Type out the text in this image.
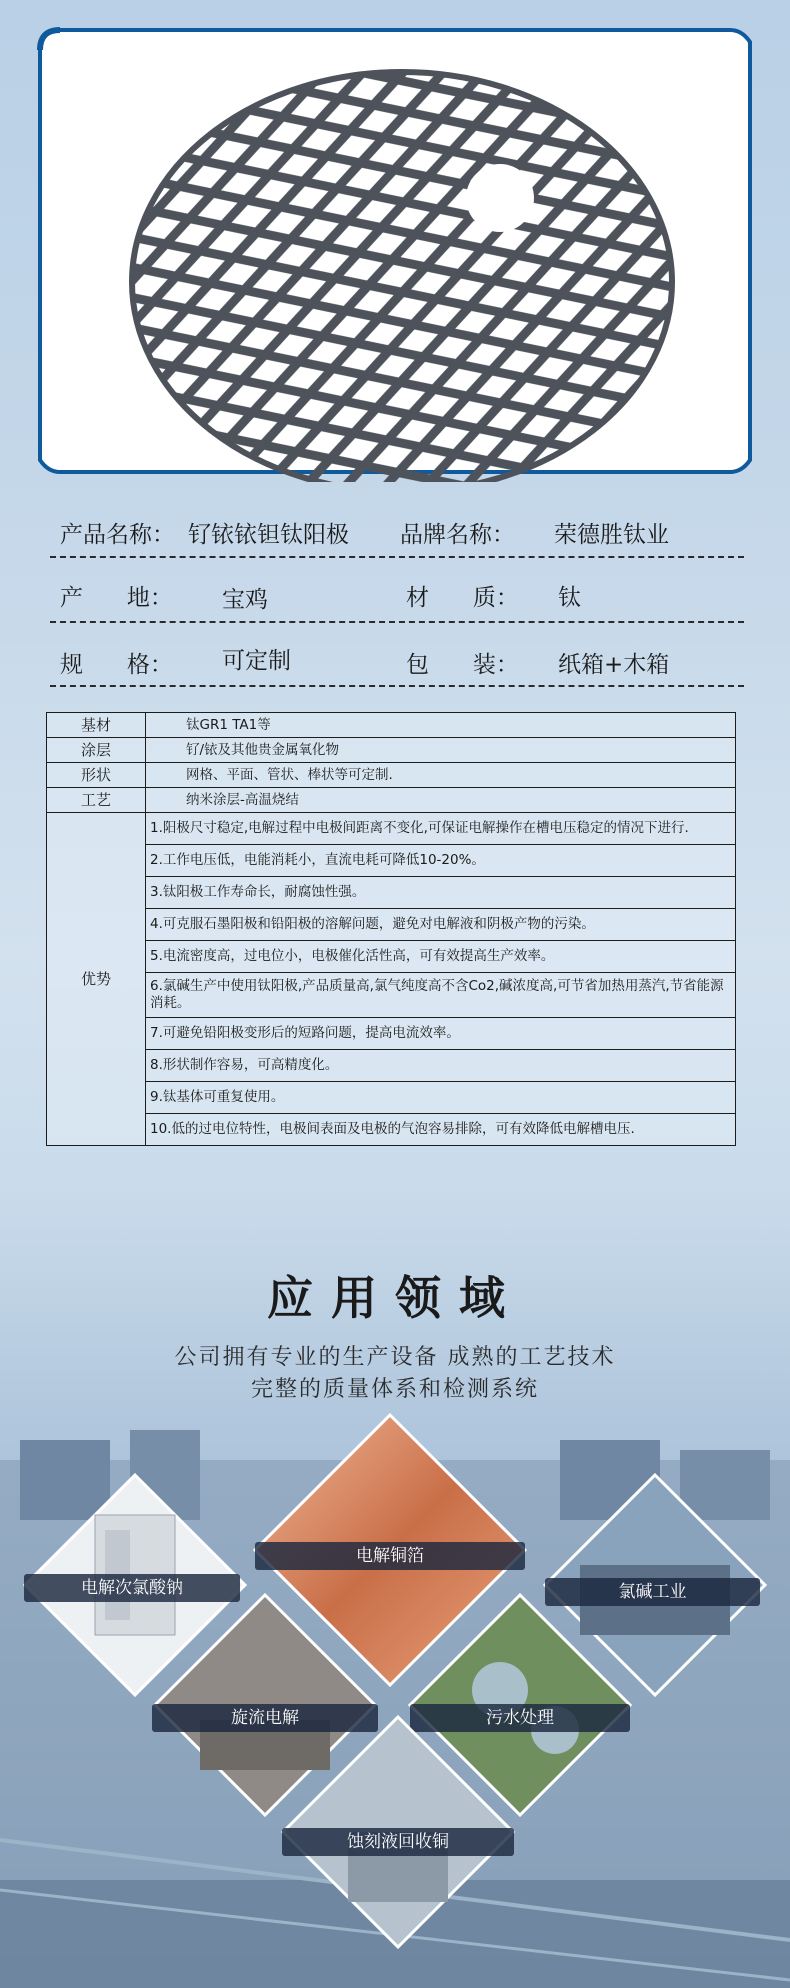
产品名称： 钌铱铱钽钛阳极 品牌名称： 荣德胜钛业
产      地： 宝鸡	材      质： 钛
规      格： 可定制	包      装： 纸箱+木箱
基材	钛GR1 TA1等
涂层	钌/铱及其他贵金属氧化物
形状	网格、平面、管状、棒状等可定制.
工艺	纳米涂层-高温烧结
优势	1.阳极尺寸稳定,电解过程中电极间距离不变化,可保证电解操作在槽电压稳定的情况下进行.
	2.工作电压低，电能消耗小，直流电耗可降低10-20%。
	3.钛阳极工作寿命长，耐腐蚀性强。
	4.可克服石墨阳极和铅阳极的溶解问题，避免对电解液和阴极产物的污染。
	5.电流密度高，过电位小，电极催化活性高，可有效提高生产效率。
	6.氯碱生产中使用钛阳极,产品质量高,氯气纯度高不含Co2,碱浓度高,可节省加热用蒸汽,节省能源消耗。
	7.可避免铅阳极变形后的短路问题，提高电流效率。
	8.形状制作容易，可高精度化。
	9.钛基体可重复使用。
	10.低的过电位特性，电极间表面及电极的气泡容易排除，可有效降低电解槽电压.
应用领域
公司拥有专业的生产设备 成熟的工艺技术
完整的质量体系和检测系统
电解次氯酸钠
电解铜箔
氯碱工业
旋流电解	污水处理
蚀刻液回收铜
